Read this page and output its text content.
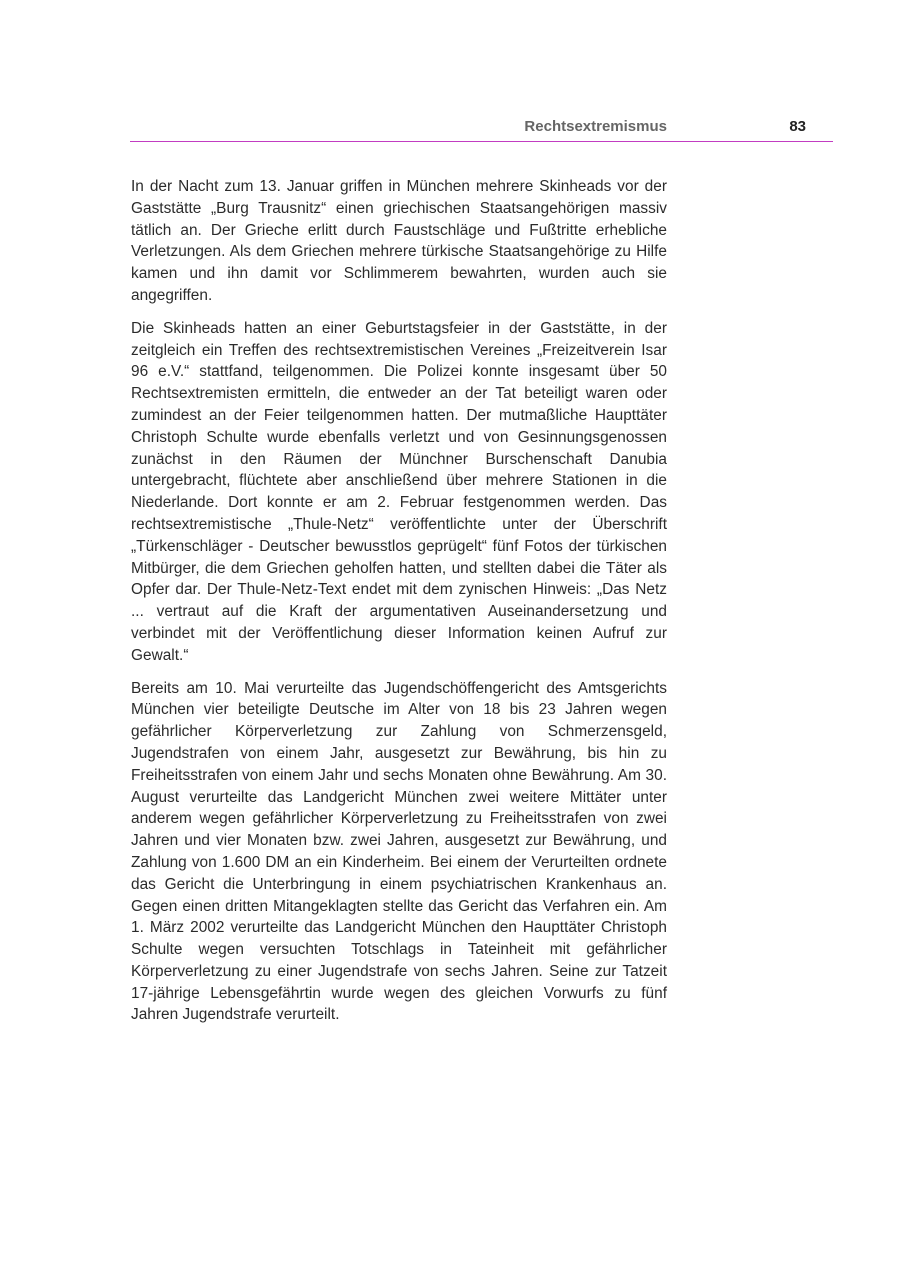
Rechtsextremismus	83

In der Nacht zum 13. Januar griffen in München mehrere Skinheads vor der Gaststätte „Burg Trausnitz“ einen griechischen Staatsangehörigen massiv tätlich an. Der Grieche erlitt durch Faustschläge und Fußtritte erhebliche Verletzungen. Als dem Griechen mehrere türkische Staatsangehörige zu Hilfe kamen und ihn damit vor Schlimmerem bewahrten, wurden auch sie angegriffen.

Die Skinheads hatten an einer Geburtstagsfeier in der Gaststätte, in der zeitgleich ein Treffen des rechtsextremistischen Vereines „Freizeitverein Isar 96 e.V.“ stattfand, teilgenommen. Die Polizei konnte insgesamt über 50 Rechtsextremisten ermitteln, die entweder an der Tat beteiligt waren oder zumindest an der Feier teilgenommen hatten. Der mutmaßliche Haupttäter Christoph Schulte wurde ebenfalls verletzt und von Gesinnungsgenossen zunächst in den Räumen der Münchner Burschenschaft Danubia untergebracht, flüchtete aber anschließend über mehrere Stationen in die Niederlande. Dort konnte er am 2. Februar festgenommen werden. Das rechtsextremistische „Thule-Netz“ veröffentlichte unter der Überschrift „Türkenschläger - Deutscher bewusstlos geprügelt“ fünf Fotos der türkischen Mitbürger, die dem Griechen geholfen hatten, und stellten dabei die Täter als Opfer dar. Der Thule-Netz-Text endet mit dem zynischen Hinweis: „Das Netz ... vertraut auf die Kraft der argumentativen Auseinandersetzung und verbindet mit der Veröffentlichung dieser Information keinen Aufruf zur Gewalt.“

Bereits am 10. Mai verurteilte das Jugendschöffengericht des Amtsgerichts München vier beteiligte Deutsche im Alter von 18 bis 23 Jahren wegen gefährlicher Körperverletzung zur Zahlung von Schmerzensgeld, Jugendstrafen von einem Jahr, ausgesetzt zur Bewährung, bis hin zu Freiheitsstrafen von einem Jahr und sechs Monaten ohne Bewährung. Am 30. August verurteilte das Landgericht München zwei weitere Mittäter unter anderem wegen gefährlicher Körperverletzung zu Freiheitsstrafen von zwei Jahren und vier Monaten bzw. zwei Jahren, ausgesetzt zur Bewährung, und Zahlung von 1.600 DM an ein Kinderheim. Bei einem der Verurteilten ordnete das Gericht die Unterbringung in einem psychiatrischen Krankenhaus an. Gegen einen dritten Mitangeklagten stellte das Gericht das Verfahren ein. Am 1. März 2002 verurteilte das Landgericht München den Haupttäter Christoph Schulte wegen versuchten Totschlags in Tateinheit mit gefährlicher Körperverletzung zu einer Jugendstrafe von sechs Jahren. Seine zur Tatzeit 17-jährige Lebensgefährtin wurde wegen des gleichen Vorwurfs zu fünf Jahren Jugendstrafe verurteilt.
